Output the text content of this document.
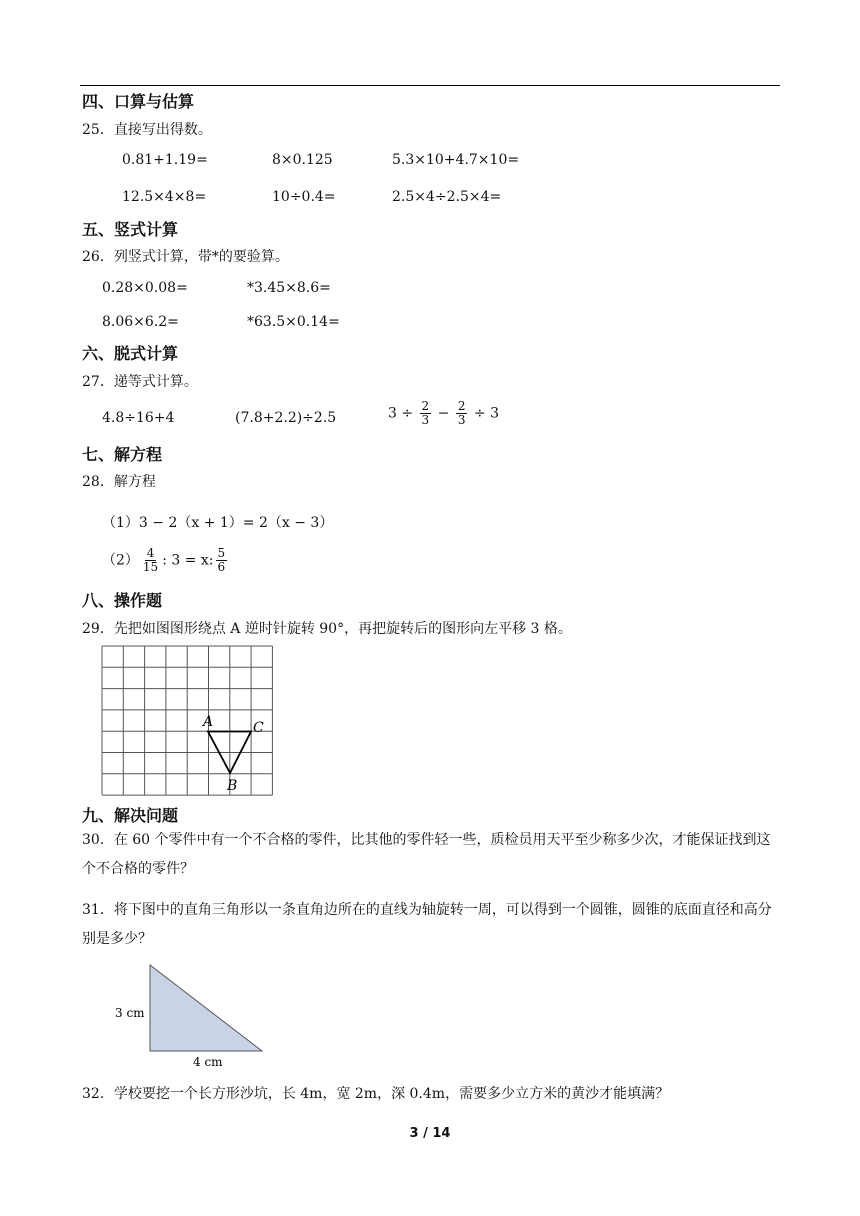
四、口算与估算
25．直接写出得数。
0.81+1.19=	8×0.125	5.3×10+4.7×10=
12.5×4×8=	10÷0.4=	2.5×4÷2.5×4=
五、竖式计算
26．列竖式计算，带*的要验算。
0.28×0.08=	*3.45×8.6=
8.06×6.2=	*63.5×0.14=
六、脱式计算
27．递等式计算。
4.8÷16+4	(7.8+2.2)÷2.5	$3 \div \frac{2}{3} - \frac{2}{3} \div 3$
七、解方程
28．解方程
（1）3 − 2（x + 1）= 2（x − 3）
$(2) \frac{4}{15}$ : 3 = x: $\frac{5}{6}$
八、操作题
29．先把如图图形绕点 A 逆时针旋转 90°，再把旋转后的图形向左平移 3 格。
A	C
B
九、解决问题
30．在 60 个零件中有一个不合格的零件，比其他的零件轻一些，质检员用天平至少称多少次，才能保证找到这个不合格的零件？
31．将下图中的直角三角形以一条直角边所在的直线为轴旋转一周，可以得到一个圆锥，圆锥的底面直径和高分别是多少？
3 cm
4 cm
32．学校要挖一个长方形沙坑，长 4m，宽 2m，深 0.4m，需要多少立方米的黄沙才能填满？
3 / 14
